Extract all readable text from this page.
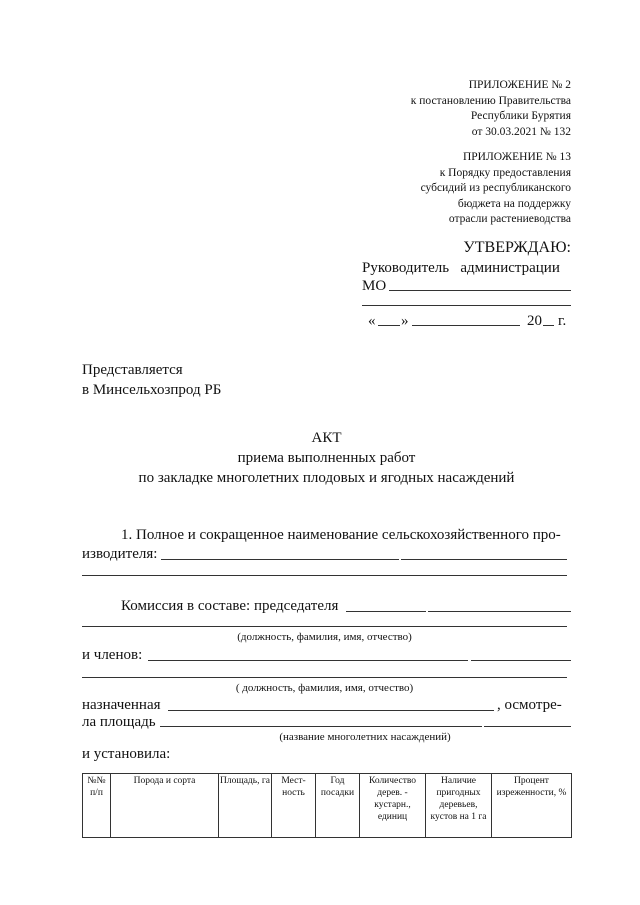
ПРИЛОЖЕНИЕ № 2
к постановлению Правительства
Республики Бурятия
от 30.03.2021 № 132
ПРИЛОЖЕНИЕ № 13
к Порядку предоставления
субсидий из республиканского
бюджета на поддержку
отрасли растениеводства
УТВЕРЖДАЮ:
Руководитель   администрации
МО
« »	20 г.
Представляется
в Минсельхозпрод РБ
АКТ
приема выполненных работ
по закладке многолетних плодовых и ягодных насаждений
1. Полное и сокращенное наименование сельскохозяйственного про-
изводителя:
Комиссия в составе: председателя
(должность, фамилия, имя, отчество)
и членов:
( должность, фамилия, имя, отчество)
назначенная	, осмотре-
ла площадь
(название многолетних насаждений)
и установила:
№№ п/п	Порода и сорта	Площадь, га	Мест-ность	Год посадки	Количество дерев. - кустарн., единиц	Наличие пригодных деревьев, кустов на 1 га	Процент изреженности, %
